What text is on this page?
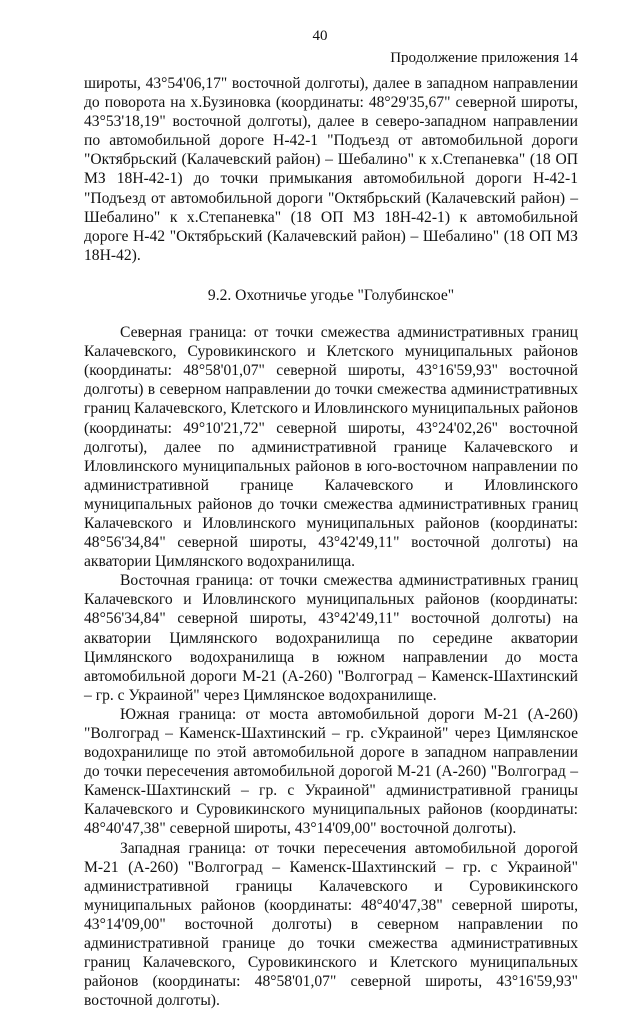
40
Продолжение приложения 14

широты, 43°54'06,17" восточной долготы), далее в западном направлении до поворота на х.Бузиновка (координаты: 48°29'35,67" северной широты, 43°53'18,19" восточной долготы), далее в северо-западном направлении по автомобильной дороге Н-42-1 "Подъезд от автомобильной дороги "Октябрьский (Калачевский район) – Шебалино" к х.Степаневка" (18 ОП МЗ 18Н-42-1) до точки примыкания автомобильной дороги Н-42-1 "Подъезд от автомобильной дороги "Октябрьский (Калачевский район) – Шебалино" к х.Степаневка" (18 ОП МЗ 18Н-42-1) к автомобильной дороге Н-42 "Октябрьский (Калачевский район) – Шебалино" (18 ОП МЗ 18Н-42).

9.2. Охотничье угодье "Голубинское"

Северная граница: от точки смежества административных границ Калачевского, Суровикинского и Клетского муниципальных районов (координаты: 48°58'01,07" северной широты, 43°16'59,93" восточной долготы) в северном направлении до точки смежества административных границ Калачевского, Клетского и Иловлинского муниципальных районов (координаты: 49°10'21,72" северной широты, 43°24'02,26" восточной долготы), далее по административной границе Калачевского и Иловлинского муниципальных районов в юго-восточном направлении по административной границе Калачевского и Иловлинского муниципальных районов до точки смежества административных границ Калачевского и Иловлинского муниципальных районов (координаты: 48°56'34,84" северной широты, 43°42'49,11" восточной долготы) на акватории Цимлянского водохранилища.

Восточная граница: от точки смежества административных границ Калачевского и Иловлинского муниципальных районов (координаты: 48°56'34,84" северной широты, 43°42'49,11" восточной долготы) на акватории Цимлянского водохранилища по середине акватории Цимлянского водохранилища в южном направлении до моста автомобильной дороги М-21 (А-260) "Волгоград – Каменск-Шахтинский – гр. с Украиной" через Цимлянское водохранилище.

Южная граница: от моста автомобильной дороги М-21 (А-260) "Волгоград – Каменск-Шахтинский – гр. сУкраиной" через Цимлянское водохранилище по этой автомобильной дороге в западном направлении до точки пересечения автомобильной дорогой М-21 (А-260) "Волгоград – Каменск-Шахтинский – гр. с Украиной" административной границы Калачевского и Суровикинского муниципальных районов (координаты: 48°40'47,38" северной широты, 43°14'09,00" восточной долготы).

Западная граница: от точки пересечения автомобильной дорогой М-21 (А-260) "Волгоград – Каменск-Шахтинский – гр. с Украиной" административной границы Калачевского и Суровикинского муниципальных районов (координаты: 48°40'47,38" северной широты, 43°14'09,00" восточной долготы) в северном направлении по административной границе до точки смежества административных границ Калачевского, Суровикинского и Клетского муниципальных районов (координаты: 48°58'01,07" северной широты, 43°16'59,93" восточной долготы).
